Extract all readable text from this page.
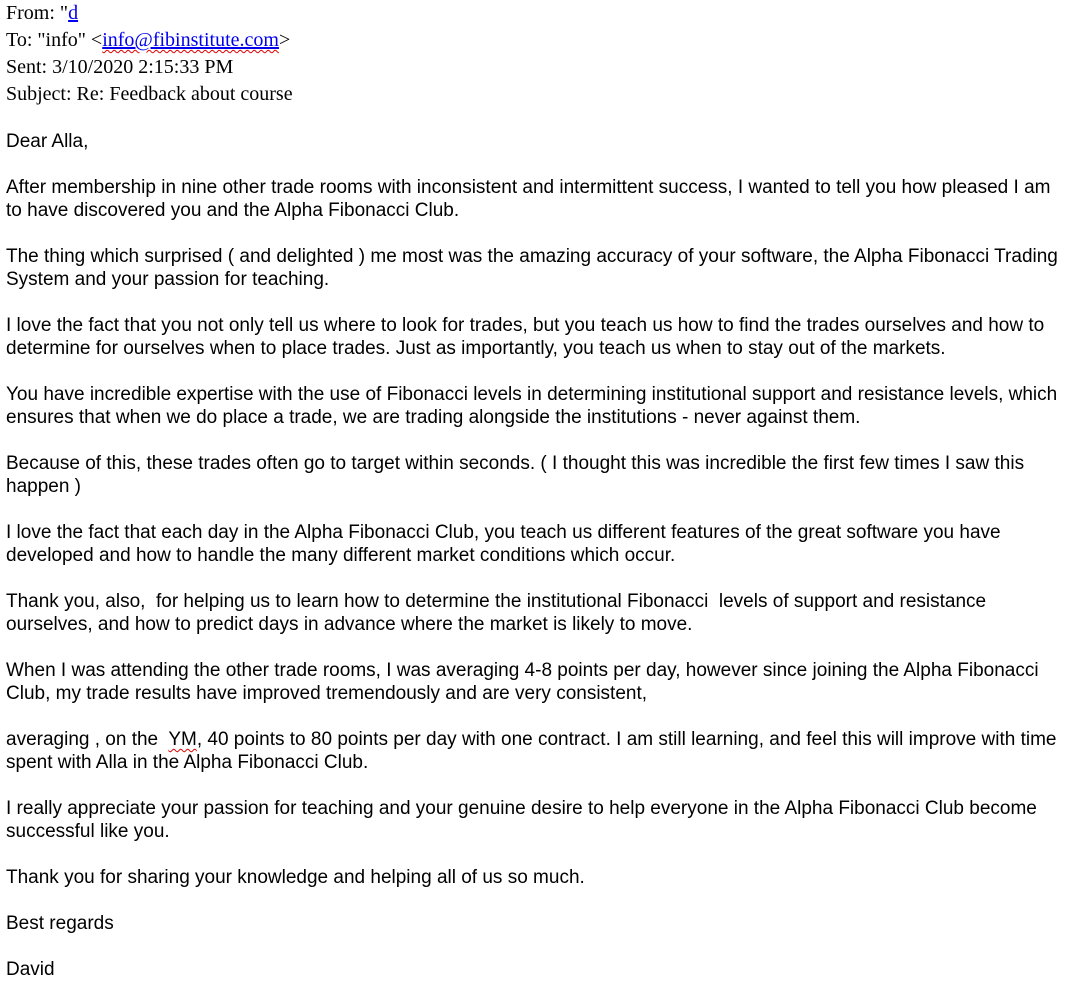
From: "d
To: "info" <info@fibinstitute.com>
Sent: 3/10/2020 2:15:33 PM
Subject: Re: Feedback about course

Dear Alla,

After membership in nine other trade rooms with inconsistent and intermittent success, I wanted to tell you how pleased I am to have discovered you and the Alpha Fibonacci Club.

The thing which surprised ( and delighted ) me most was the amazing accuracy of your software, the Alpha Fibonacci Trading System and your passion for teaching.

I love the fact that you not only tell us where to look for trades, but you teach us how to find the trades ourselves and how to determine for ourselves when to place trades. Just as importantly, you teach us when to stay out of the markets.

You have incredible expertise with the use of Fibonacci levels in determining institutional support and resistance levels, which ensures that when we do place a trade, we are trading alongside the institutions - never against them.

Because of this, these trades often go to target within seconds. ( I thought this was incredible the first few times I saw this happen )

I love the fact that each day in the Alpha Fibonacci Club, you teach us different features of the great software you have developed and how to handle the many different market conditions which occur.

Thank you, also,  for helping us to learn how to determine the institutional Fibonacci  levels of support and resistance ourselves, and how to predict days in advance where the market is likely to move.

When I was attending the other trade rooms, I was averaging 4-8 points per day, however since joining the Alpha Fibonacci Club, my trade results have improved tremendously and are very consistent,

averaging , on the  YM, 40 points to 80 points per day with one contract. I am still learning, and feel this will improve with time spent with Alla in the Alpha Fibonacci Club.

I really appreciate your passion for teaching and your genuine desire to help everyone in the Alpha Fibonacci Club become successful like you.

Thank you for sharing your knowledge and helping all of us so much.

Best regards

David
